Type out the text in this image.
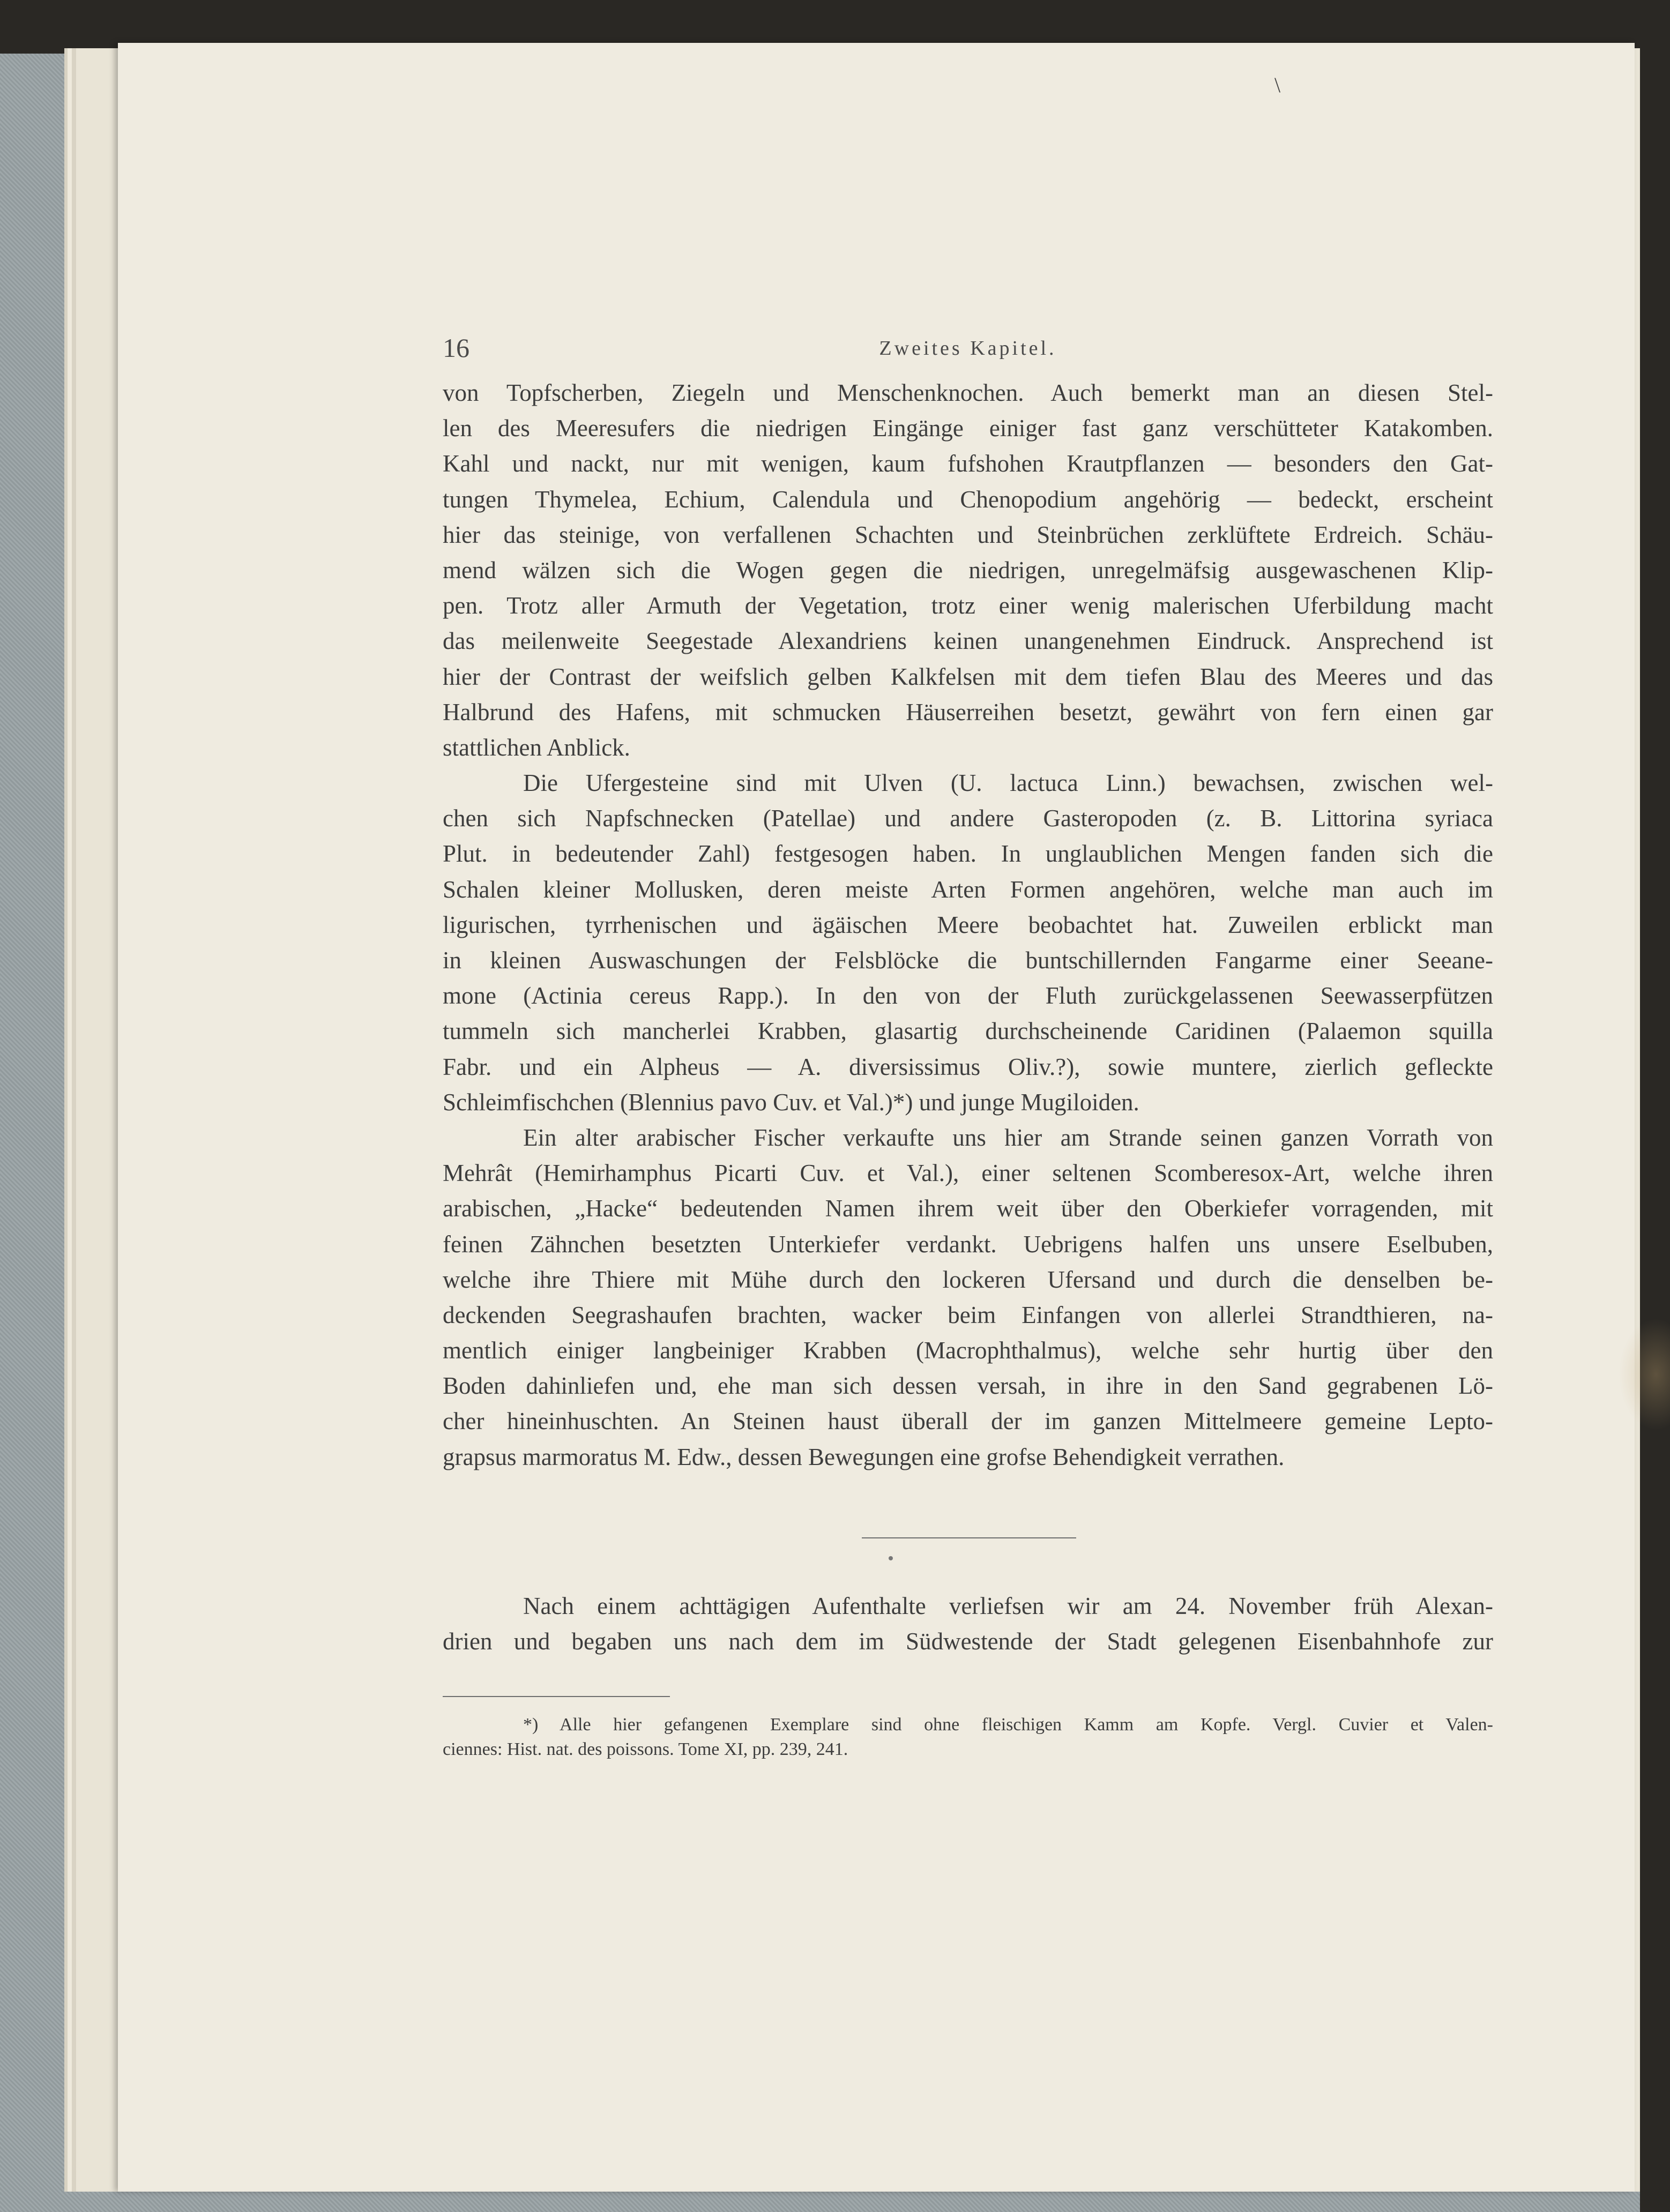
\
16	Zweites Kapitel.
von Topfscherben, Ziegeln und Menschenknochen. Auch bemerkt man an diesen Stel-
len des Meeresufers die niedrigen Eingänge einiger fast ganz verschütteter Katakomben.
Kahl und nackt, nur mit wenigen, kaum fufshohen Krautpflanzen — besonders den Gat-
tungen Thymelea, Echium, Calendula und Chenopodium angehörig — bedeckt, erscheint
hier das steinige, von verfallenen Schachten und Steinbrüchen zerklüftete Erdreich. Schäu-
mend wälzen sich die Wogen gegen die niedrigen, unregelmäfsig ausgewaschenen Klip-
pen. Trotz aller Armuth der Vegetation, trotz einer wenig malerischen Uferbildung macht
das meilenweite Seegestade Alexandriens keinen unangenehmen Eindruck. Ansprechend ist
hier der Contrast der weifslich gelben Kalkfelsen mit dem tiefen Blau des Meeres und das
Halbrund des Hafens, mit schmucken Häuserreihen besetzt, gewährt von fern einen gar
stattlichen Anblick.
Die Ufergesteine sind mit Ulven (U. lactuca Linn.) bewachsen, zwischen wel-
chen sich Napfschnecken (Patellae) und andere Gasteropoden (z. B. Littorina syriaca
Plut. in bedeutender Zahl) festgesogen haben. In unglaublichen Mengen fanden sich die
Schalen kleiner Mollusken, deren meiste Arten Formen angehören, welche man auch im
ligurischen, tyrrhenischen und ägäischen Meere beobachtet hat. Zuweilen erblickt man
in kleinen Auswaschungen der Felsblöcke die buntschillernden Fangarme einer Seeane-
mone (Actinia cereus Rapp.). In den von der Fluth zurückgelassenen Seewasserpfützen
tummeln sich mancherlei Krabben, glasartig durchscheinende Caridinen (Palaemon squilla
Fabr. und ein Alpheus — A. diversissimus Oliv.?), sowie muntere, zierlich gefleckte
Schleimfischchen (Blennius pavo Cuv. et Val.)*) und junge Mugiloiden.
Ein alter arabischer Fischer verkaufte uns hier am Strande seinen ganzen Vorrath von
Mehrât (Hemirhamphus Picarti Cuv. et Val.), einer seltenen Scomberesox-Art, welche ihren
arabischen, „Hacke“ bedeutenden Namen ihrem weit über den Oberkiefer vorragenden, mit
feinen Zähnchen besetzten Unterkiefer verdankt. Uebrigens halfen uns unsere Eselbuben,
welche ihre Thiere mit Mühe durch den lockeren Ufersand und durch die denselben be-
deckenden Seegrashaufen brachten, wacker beim Einfangen von allerlei Strandthieren, na-
mentlich einiger langbeiniger Krabben (Macrophthalmus), welche sehr hurtig über den
Boden dahinliefen und, ehe man sich dessen versah, in ihre in den Sand gegrabenen Lö-
cher hineinhuschten. An Steinen haust überall der im ganzen Mittelmeere gemeine Lepto-
grapsus marmoratus M. Edw., dessen Bewegungen eine grofse Behendigkeit verrathen.
Nach einem achttägigen Aufenthalte verliefsen wir am 24. November früh Alexan-
drien und begaben uns nach dem im Südwestende der Stadt gelegenen Eisenbahnhofe zur
*) Alle hier gefangenen Exemplare sind ohne fleischigen Kamm am Kopfe. Vergl. Cuvier et Valen-
ciennes: Hist. nat. des poissons. Tome XI, pp. 239, 241.
